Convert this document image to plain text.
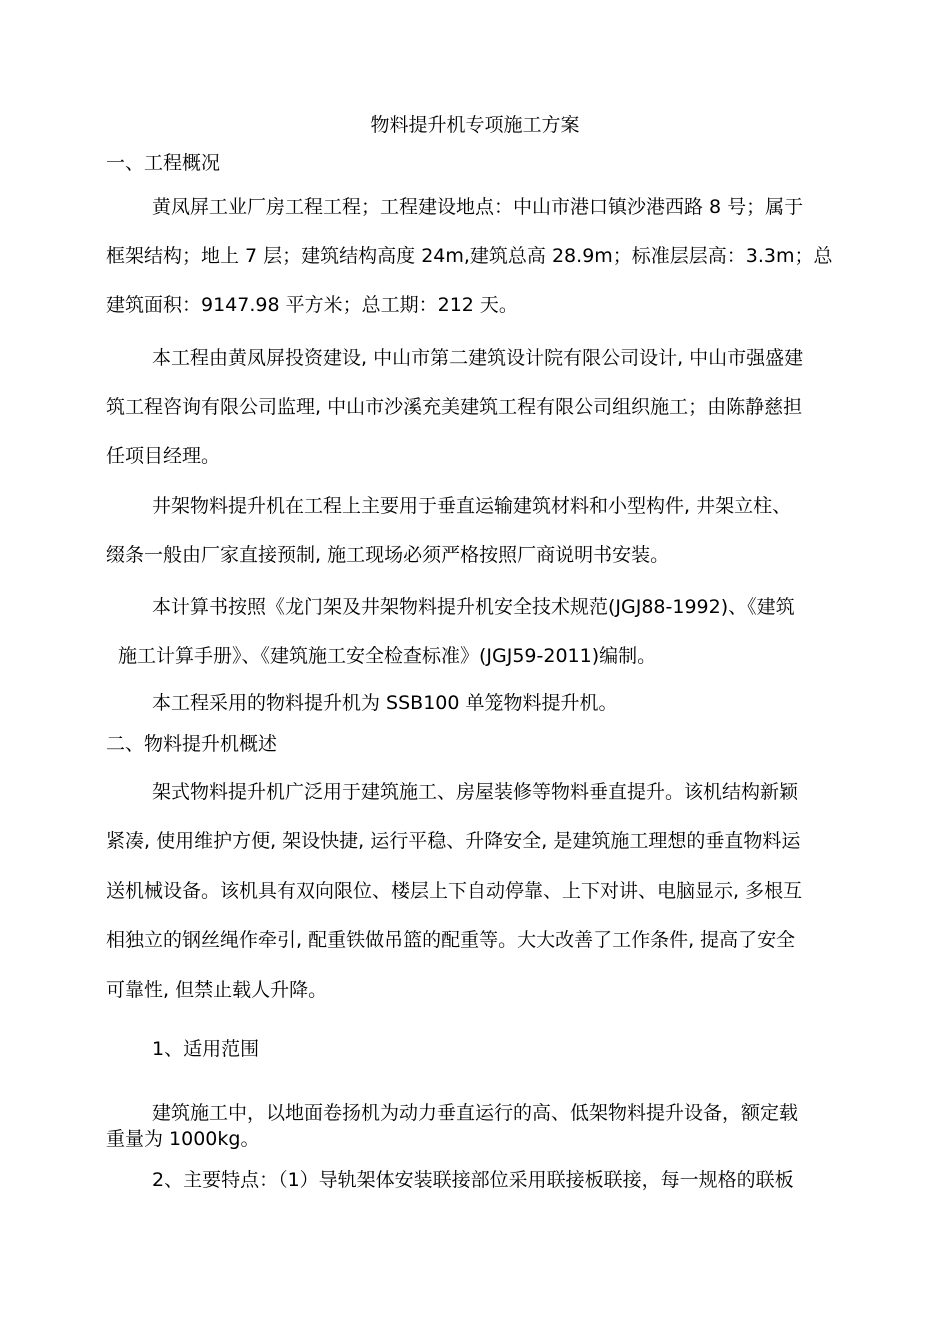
物料提升机专项施工方案
一、工程概况
黄凤屏工业厂房工程工程；工程建设地点：中山市港口镇沙港西路 8 号；属于
框架结构；地上 7 层；建筑结构高度 24m,建筑总高 28.9m；标准层层高：3.3m；总
建筑面积：9147.98 平方米；总工期：212 天。
本工程由黄凤屏投资建设, 中山市第二建筑设计院有限公司设计, 中山市强盛建
筑工程咨询有限公司监理, 中山市沙溪充美建筑工程有限公司组织施工；由陈静慈担
任项目经理。
井架物料提升机在工程上主要用于垂直运输建筑材料和小型构件, 井架立柱、
缀条一般由厂家直接预制, 施工现场必须严格按照厂商说明书安装。
本计算书按照《龙门架及井架物料提升机安全技术规范(JGJ88-1992)、《建筑
施工计算手册》、《建筑施工安全检查标准》(JGJ59-2011)编制。
本工程采用的物料提升机为 SSB100 单笼物料提升机。
二、物料提升机概述
架式物料提升机广泛用于建筑施工、房屋装修等物料垂直提升。该机结构新颖
紧凑, 使用维护方便, 架设快捷, 运行平稳、升降安全, 是建筑施工理想的垂直物料运
送机械设备。该机具有双向限位、楼层上下自动停靠、上下对讲、电脑显示, 多根互
相独立的钢丝绳作牵引, 配重铁做吊篮的配重等。大大改善了工作条件, 提高了安全
可靠性, 但禁止载人升降。
1、适用范围
建筑施工中，以地面卷扬机为动力垂直运行的高、低架物料提升设备，额定载
重量为 1000kg。
2、主要特点：（1）导轨架体安装联接部位采用联接板联接，每一规格的联板
